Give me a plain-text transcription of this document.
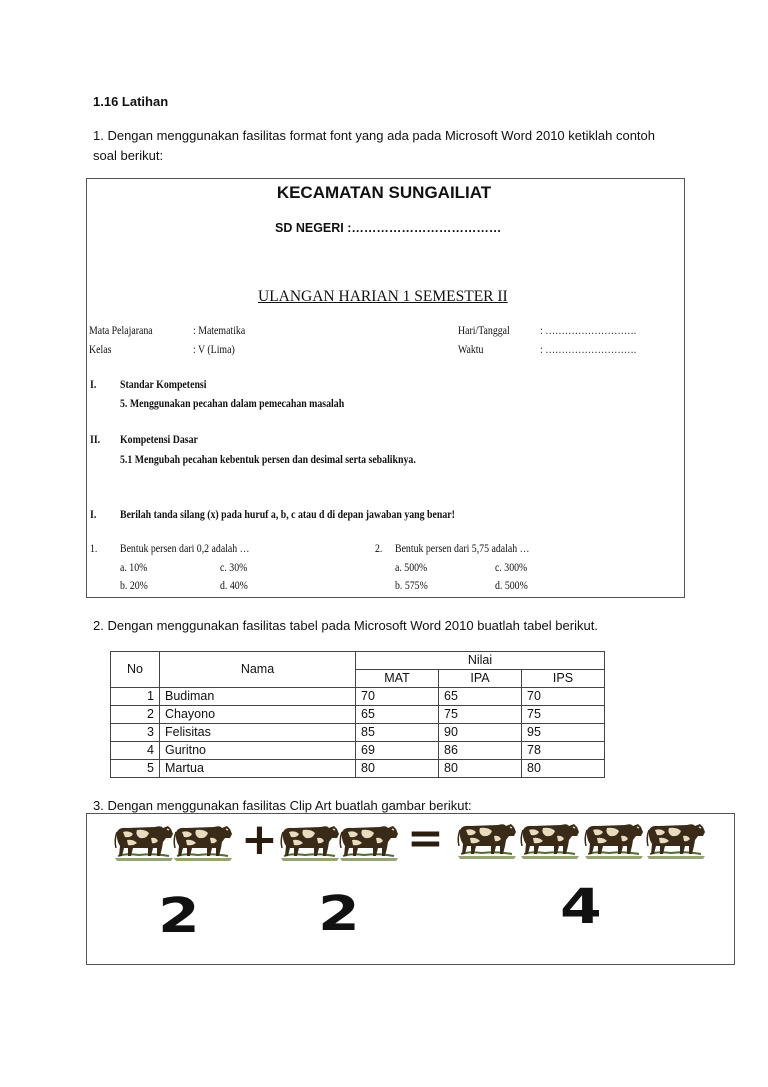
1.16 Latihan
1. Dengan menggunakan fasilitas format font yang ada pada Microsoft Word 2010 ketiklah contoh
soal berikut:
KECAMATAN SUNGAILIAT
SD NEGERI :………………………………
ULANGAN HARIAN 1 SEMESTER II
Mata Pelajarana	: Matematika
Kelas	: V (Lima)
Hari/Tanggal	: ……………………….
Waktu	: ……………………….
I. Standar Kompetensi
5. Menggunakan pecahan dalam pemecahan masalah
II. Kompetensi Dasar
5.1 Mengubah pecahan kebentuk persen dan desimal serta sebaliknya.
I. Berilah tanda silang (x) pada huruf a, b, c atau d di depan jawaban yang benar!
1. Bentuk persen dari 0,2 adalah …
a. 10%
b. 20%
c. 30%
d. 40%
2. Bentuk persen dari 5,75 adalah …
a. 500%
b. 575%
c. 300%
d. 500%
2. Dengan menggunakan fasilitas tabel pada Microsoft Word 2010 buatlah tabel berikut.
No	Nama	Nilai		
		MAT	IPA	IPS
1	Budiman	70	65	70
2	Chayono	65	75	75
3	Felisitas	85	90	95
4	Guritno	69	86	78
5	Martua	80	80	80
3. Dengan menggunakan fasilitas Clip Art buatlah gambar berikut:
+	=
2 2	4
